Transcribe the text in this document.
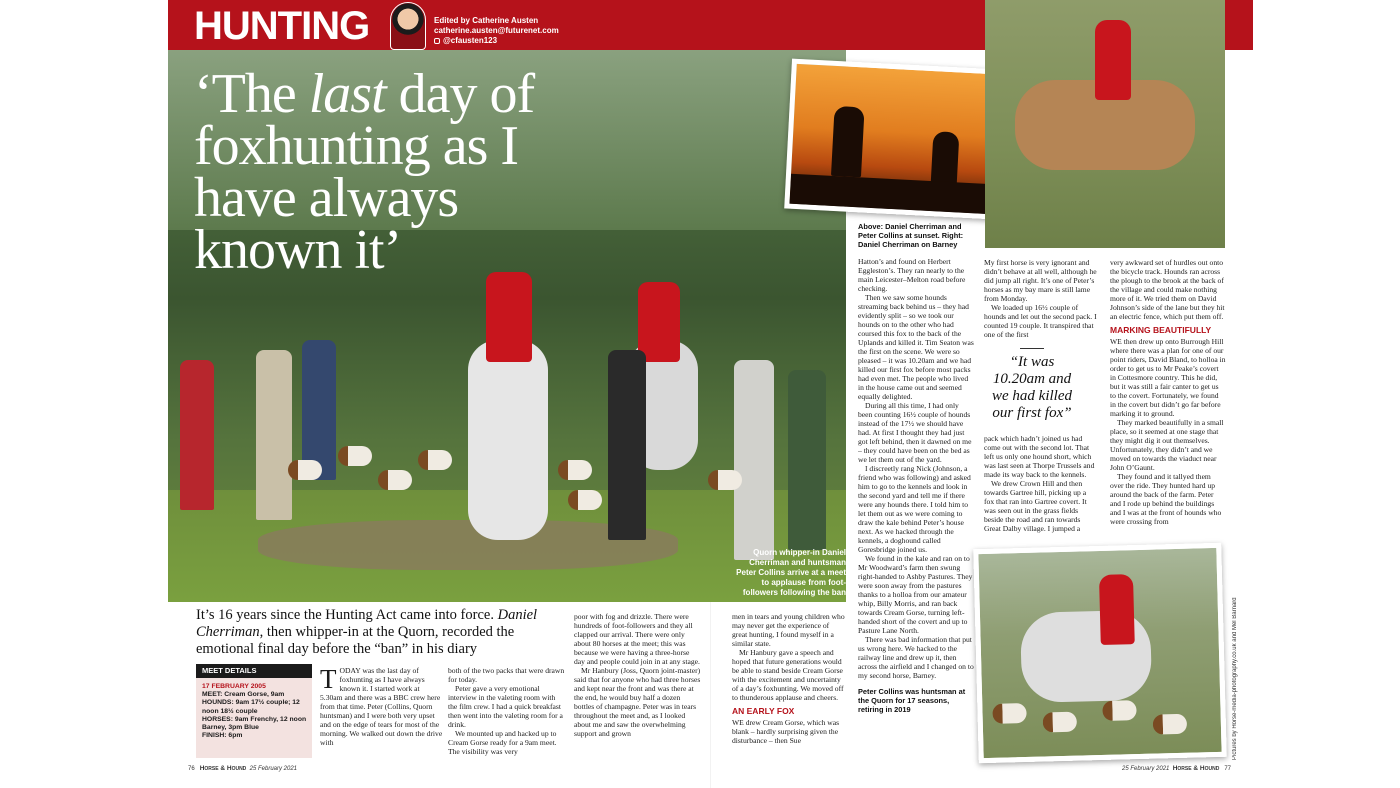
HUNTING	Edited by Catherine Austen
catherine.austen@futurenet.com
@cfausten123
‘The last day of foxhunting as I have always known it’
Quorn whipper-in Daniel Cherriman and huntsman Peter Collins arrive at a meet to applause from foot-followers following the ban
Pictures by Horse-media-photography.co.uk and Mel Barnard
It’s 16 years since the Hunting Act came into force. Daniel Cherriman, then whipper-in at the Quorn, recorded the emotional final day before the “ban” in his diary
MEET DETAILS
17 FEBRUARY 2005
MEET: Cream Gorse, 9am
HOUNDS: 9am 17½ couple; 12 noon 18½ couple
HORSES: 9am Frenchy, 12 noon Barney, 3pm Blue
FINISH: 6pm

TODAY was the last day of foxhunting as I have always known it. I started work at 5.30am and there was a BBC crew here from that time. Peter (Collins, Quorn huntsman) and I were both very upset and on the edge of tears for most of the morning. We walked out down the drive with

both of the two packs that were drawn for today.

Peter gave a very emotional interview in the valeting room with the film crew. I had a quick breakfast then went into the valeting room for a drink.

We mounted up and hacked up to Cream Gorse ready for a 9am meet. The visibility was very

poor with fog and drizzle. There were hundreds of foot-followers and they all clapped our arrival. There were only about 80 horses at the meet; this was because we were having a three-horse day and people could join in at any stage.

Mr Hanbury (Joss, Quorn joint-master) said that for anyone who had three horses and kept near the front and was there at the end, he would buy half a dozen bottles of champagne. Peter was in tears throughout the meet and, as I looked about me and saw the overwhelming support and grown

men in tears and young children who may never get the experience of great hunting, I found myself in a similar state.

Mr Hanbury gave a speech and hoped that future generations would be able to stand beside Cream Gorse with the excitement and uncertainty of a day’s foxhunting. We moved off to thunderous applause and cheers.

AN EARLY FOX

WE drew Cream Gorse, which was blank – hardly surprising given the disturbance – then Sue

Above: Daniel Cherriman and Peter Collins at sunset. Right: Daniel Cherriman on Barney

Hatton’s and found on Herbert Eggleston’s. They ran nearly to the main Leicester–Melton road before checking.

Then we saw some hounds streaming back behind us – they had evidently split – so we took our hounds on to the other who had coursed this fox to the back of the Uplands and killed it. Tim Seaton was the first on the scene. We were so pleased – it was 10.20am and we had killed our first fox before most packs had even met. The people who lived in the house came out and seemed equally delighted.

During all this time, I had only been counting 16½ couple of hounds instead of the 17½ we should have had. At first I thought they had just got left behind, then it dawned on me – they could have been on the bed as we let them out of the yard.

I discreetly rang Nick (Johnson, a friend who was following) and asked him to go to the kennels and look in the second yard and tell me if there were any hounds there. I told him to let them out as we were coming to draw the kale behind Peter’s house next. As we hacked through the kennels, a doghound called Goresbridge joined us.

We found in the kale and ran on to Mr Woodward’s farm then swung right-handed to Ashby Pastures. They were soon away from the pastures thanks to a holloa from our amateur whip, Billy Morris, and ran back towards Cream Gorse, turning left-handed short of the covert and up to Pasture Lane North.

There was bad information that put us wrong here. We hacked to the railway line and drew up it, then across the airfield and I changed on to my second horse, Barney.

Peter Collins was huntsman at the Quorn for 17 seasons, retiring in 2019

My first horse is very ignorant and didn’t behave at all well, although he did jump all right. It’s one of Peter’s horses as my bay mare is still lame from Monday.

We loaded up 16½ couple of hounds and let out the second pack. I counted 19 couple. It transpired that one of the first

“It was 10.20am and we had killed our first fox”

pack which hadn’t joined us had come out with the second lot. That left us only one hound short, which was last seen at Thorpe Trussels and made its way back to the kennels.

We drew Crown Hill and then towards Gartree hill, picking up a fox that ran into Gartree covert. It was seen out in the grass fields beside the road and ran towards Great Dalby village. I jumped a

very awkward set of hurdles out onto the bicycle track. Hounds ran across the plough to the brook at the back of the village and could make nothing more of it. We tried them on David Johnson’s side of the lane but they hit an electric fence, which put them off.

MARKING BEAUTIFULLY

WE then drew up onto Burrough Hill where there was a plan for one of our point riders, David Bland, to holloa in order to get us to Mr Peake’s covert in Cottesmore country. This he did, but it was still a fair canter to get us to the covert. Fortunately, we found in the covert but didn’t go far before marking it to ground.

They marked beautifully in a small place, so it seemed at one stage that they might dig it out themselves. Unfortunately, they didn’t and we moved on towards the viaduct near John O’Gaunt.

They found and it tallyed them over the ride. They hunted hard up around the back of the farm. Peter and I rode up behind the buildings and I was at the front of hounds who were crossing from

76 Horse & Hound 25 February 2021	25 February 2021 Horse & Hound 77
